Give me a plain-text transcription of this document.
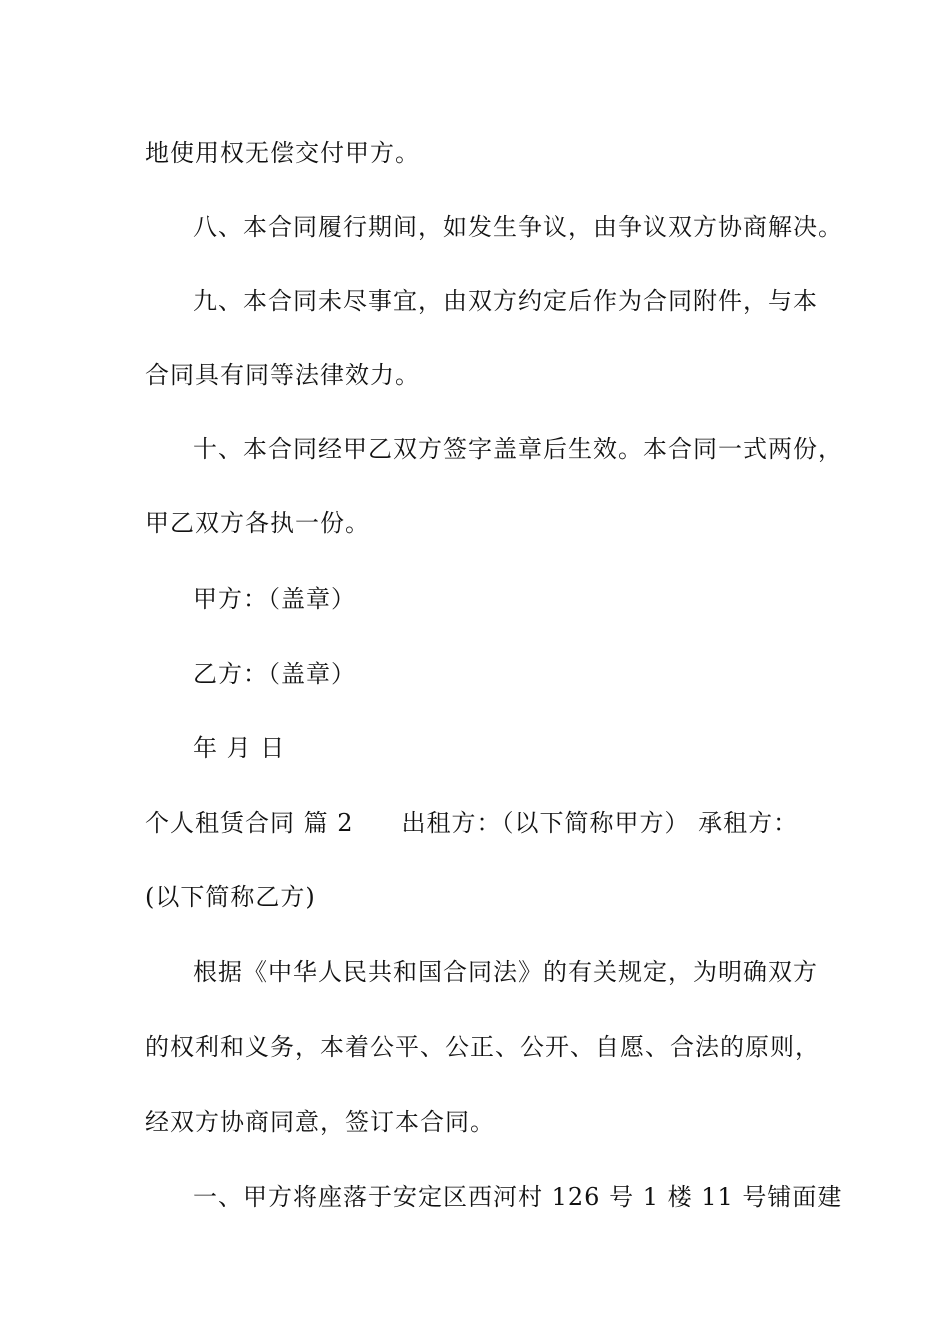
地使用权无偿交付甲方。
八、本合同履行期间，如发生争议，由争议双方协商解决。
九、本合同未尽事宜，由双方约定后作为合同附件，与本
合同具有同等法律效力。
十、本合同经甲乙双方签字盖章后生效。本合同一式两份，
甲乙双方各执一份。
甲方：（盖章）
乙方：（盖章）
年 月 日
个人租赁合同 篇 2 出租方：（以下简称甲方） 承租方：
(以下简称乙方)
根据《中华人民共和国合同法》的有关规定，为明确双方
的权利和义务，本着公平、公正、公开、自愿、合法的原则，
经双方协商同意，签订本合同。
一、甲方将座落于安定区西河村 126 号 1 楼 11 号铺面建
